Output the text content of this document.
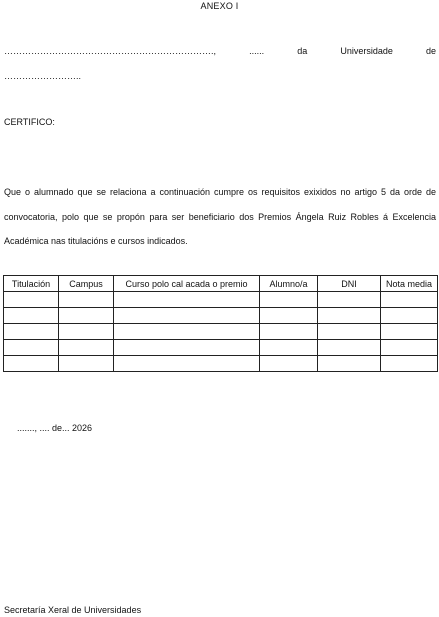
ANEXO I
…………………………………………………………….,	......	da	Universidade	de
……………………..
CERTIFICO:
Que o alumnado que se relaciona a continuación cumpre os requisitos exixidos no artigo 5 da orde de convocatoria, polo que se propón para ser beneficiario dos Premios Ángela Ruiz Robles á Excelencia Académica nas titulacións e cursos indicados.
Titulación	Campus	Curso polo cal acada o premio	Alumno/a	DNI	Nota media

......., .... de... 2026
Secretaría Xeral de Universidades
